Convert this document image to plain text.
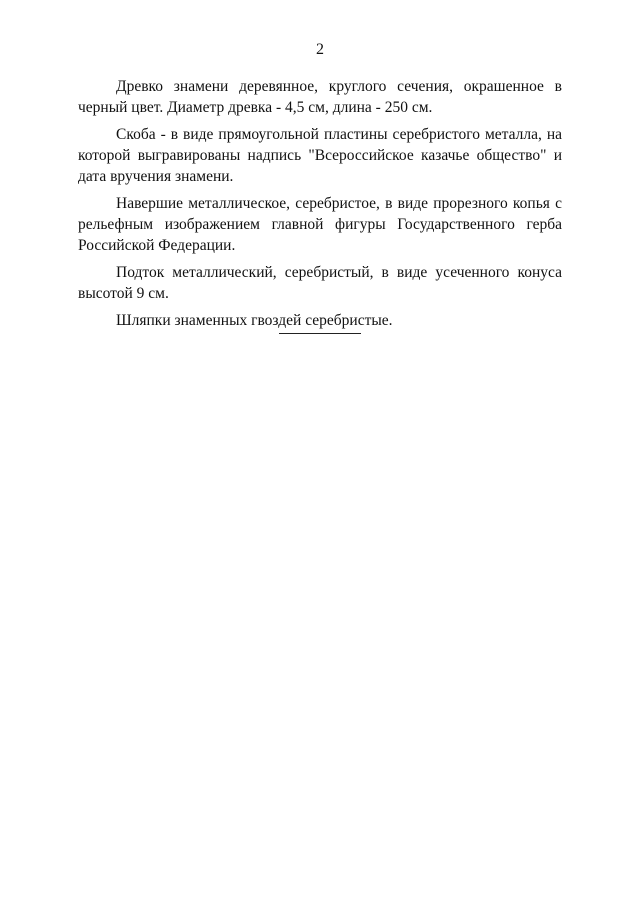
2

Древко знамени деревянное, круглого сечения, окрашенное в черный цвет. Диаметр древка - 4,5 см, длина - 250 см.

Скоба - в виде прямоугольной пластины серебристого металла, на которой выгравированы надпись "Всероссийское казачье общество" и дата вручения знамени.

Навершие металлическое, серебристое, в виде прорезного копья с рельефным изображением главной фигуры Государственного герба Российской Федерации.

Подток металлический, серебристый, в виде усеченного конуса высотой 9 см.

Шляпки знаменных гвоздей серебристые.
